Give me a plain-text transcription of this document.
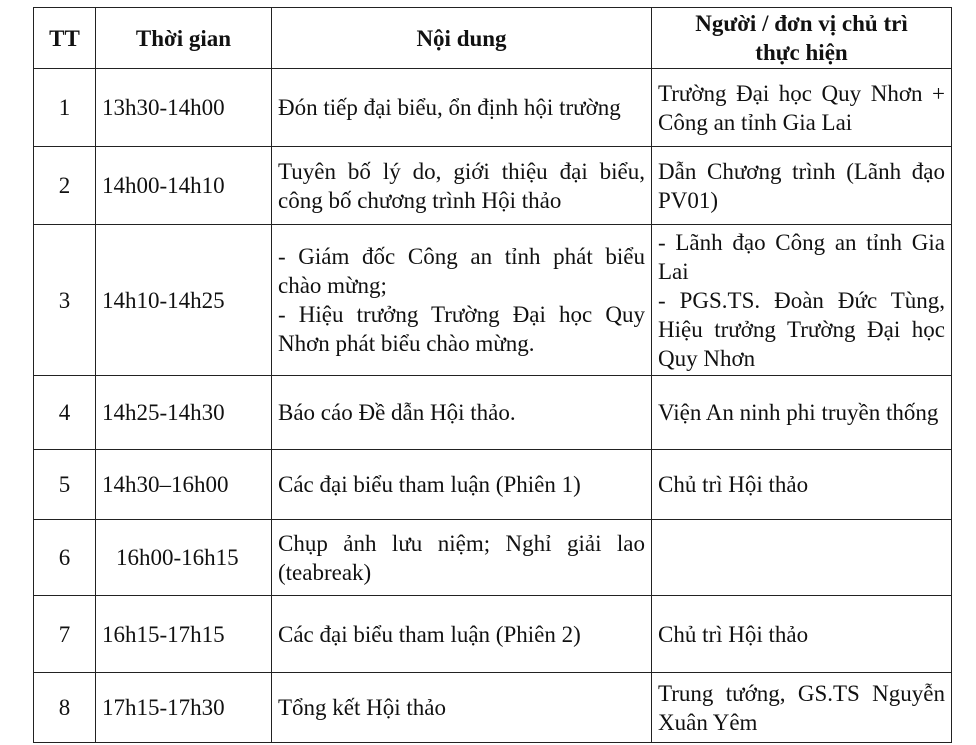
TT	Thời gian	Nội dung	Người / đơn vị chủ trì
thực hiện

1	13h30-14h00	Đón tiếp đại biểu, ổn định hội trường	Trường Đại học Quy Nhơn + Công an tỉnh Gia Lai
2	14h00-14h10	Tuyên bố lý do, giới thiệu đại biểu, công bố chương trình Hội thảo	Dẫn Chương trình (Lãnh đạo PV01)
3	14h10-14h25	- Giám đốc Công an tỉnh phát biểu chào mừng;
- Hiệu trưởng Trường Đại học Quy Nhơn phát biểu chào mừng.	- Lãnh đạo Công an tỉnh Gia Lai
- PGS.TS. Đoàn Đức Tùng, Hiệu trưởng Trường Đại học Quy Nhơn

4	14h25-14h30	Báo cáo Đề dẫn Hội thảo.	Viện An ninh phi truyền thống
5	14h30–16h00	Các đại biểu tham luận (Phiên 1)	Chủ trì Hội thảo
6	16h00-16h15	Chụp ảnh lưu niệm; Nghỉ giải lao (teabreak)	
7	16h15-17h15	Các đại biểu tham luận (Phiên 2)	Chủ trì Hội thảo
8	17h15-17h30	Tổng kết Hội thảo	Trung tướng, GS.TS Nguyễn Xuân Yêm
